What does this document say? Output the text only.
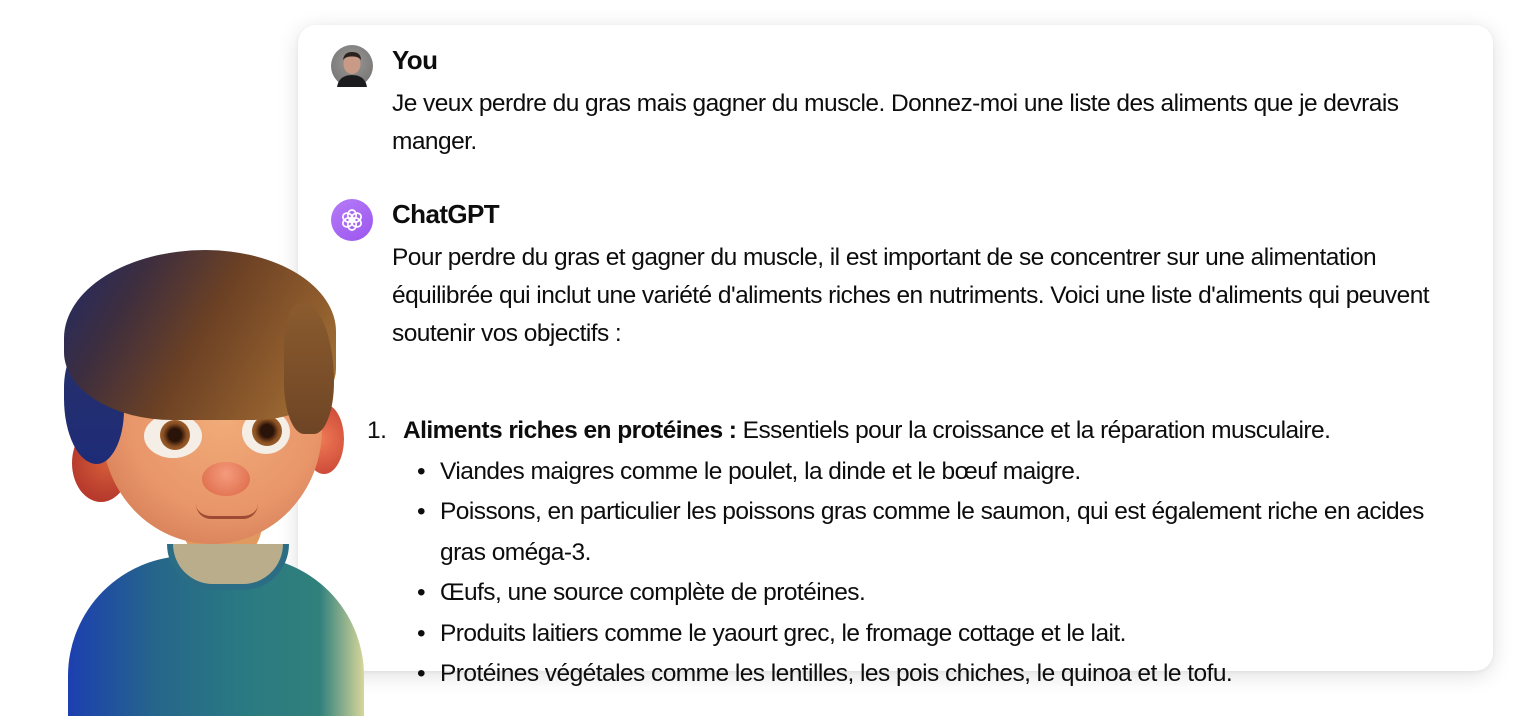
You
Je veux perdre du gras mais gagner du muscle. Donnez-moi une liste des aliments que je devrais manger.
ChatGPT
Pour perdre du gras et gagner du muscle, il est important de se concentrer sur une alimentation équilibrée qui inclut une variété d'aliments riches en nutriments. Voici une liste d'aliments qui peuvent soutenir vos objectifs :
1. Aliments riches en protéines : Essentiels pour la croissance et la réparation musculaire.
• Viandes maigres comme le poulet, la dinde et le bœuf maigre.
• Poissons, en particulier les poissons gras comme le saumon, qui est également riche en acides gras oméga-3.
• Œufs, une source complète de protéines.
• Produits laitiers comme le yaourt grec, le fromage cottage et le lait.
• Protéines végétales comme les lentilles, les pois chiches, le quinoa et le tofu.
